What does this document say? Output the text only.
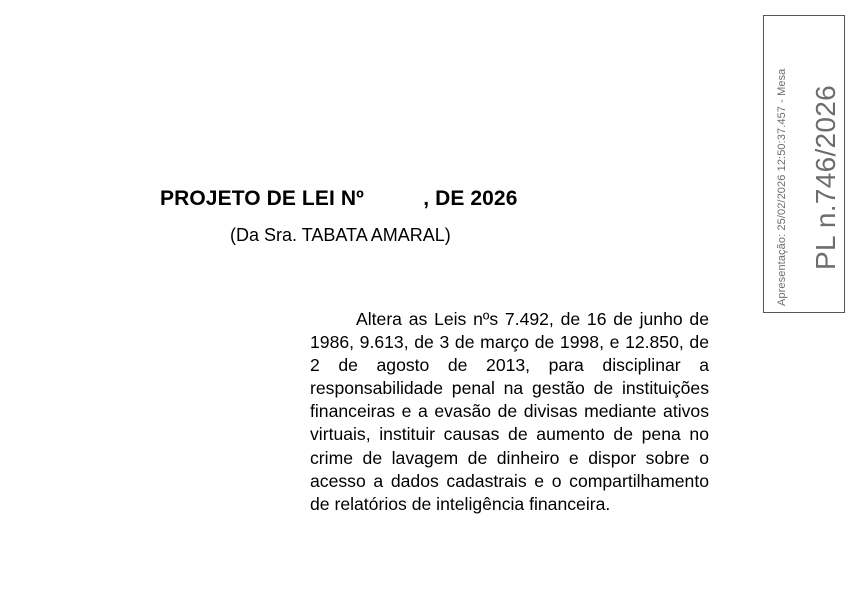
PROJETO DE LEI Nº          , DE 2026
(Da Sra. TABATA AMARAL)
Altera as Leis nºs 7.492, de 16 de junho de 1986, 9.613, de 3 de março de 1998, e 12.850, de 2 de agosto de 2013, para disciplinar a responsabilidade penal na gestão de instituições financeiras e a evasão de divisas mediante ativos virtuais, instituir causas de aumento de pena no crime de lavagem de dinheiro e dispor sobre o acesso a dados cadastrais e o compartilhamento de relatórios de inteligência financeira.
Apresentação: 25/02/2026 12:50:37.457 - Mesa PL n.746/2026
